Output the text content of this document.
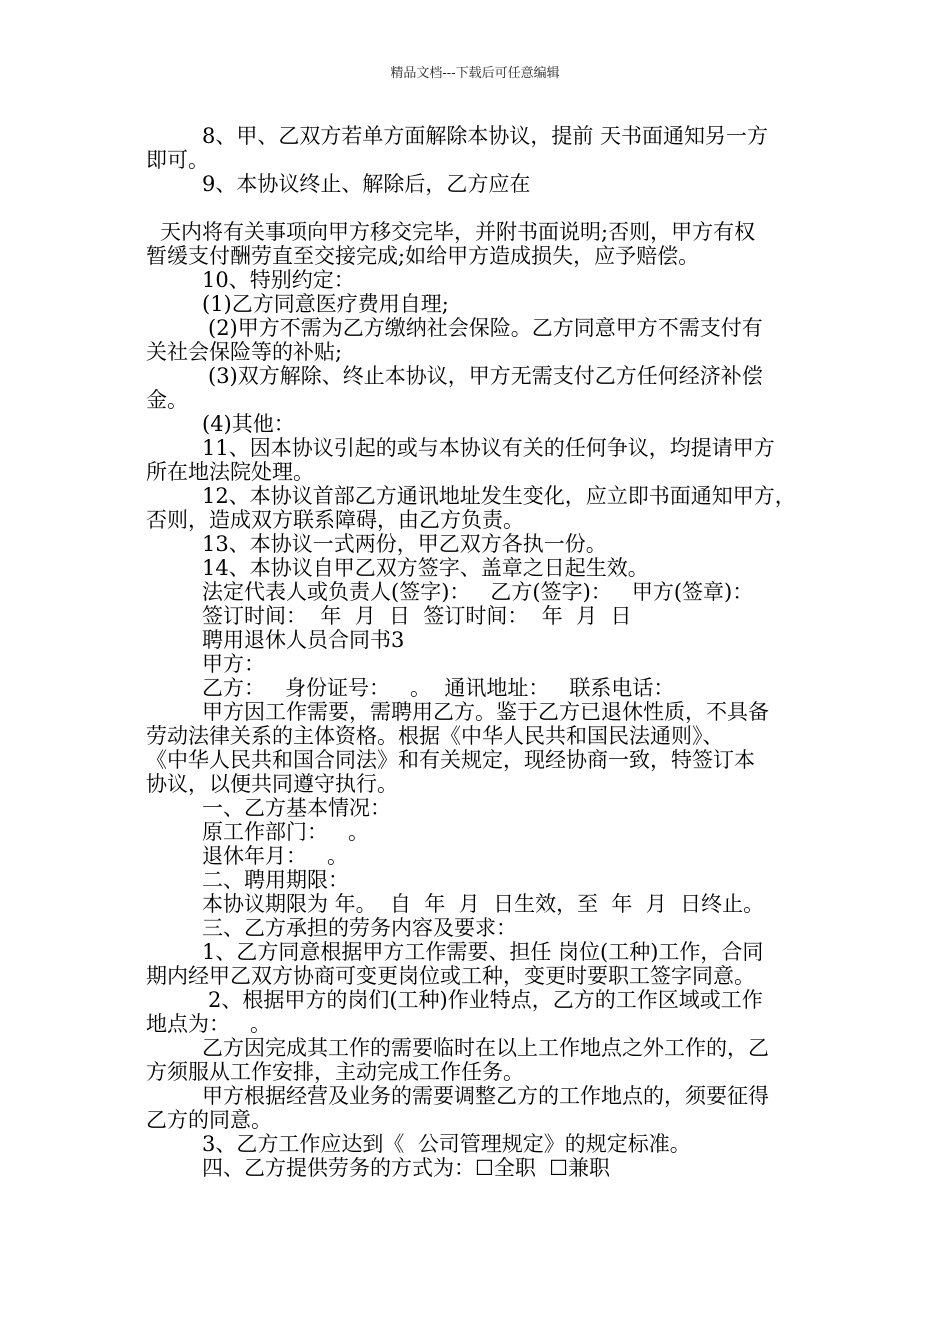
精品文档---下载后可任意编辑
8、甲、乙双方若单方面解除本协议，提前 天书面通知另一方
即可。
9、本协议终止、解除后，乙方应在
天内将有关事项向甲方移交完毕，并附书面说明;否则，甲方有权
暂缓支付酬劳直至交接完成;如给甲方造成损失，应予赔偿。
10、特别约定：
(1)乙方同意医疗费用自理;
(2)甲方不需为乙方缴纳社会保险。乙方同意甲方不需支付有
关社会保险等的补贴;
(3)双方解除、终止本协议，甲方无需支付乙方任何经济补偿
金。
(4)其他：
11、因本协议引起的或与本协议有关的任何争议，均提请甲方
所在地法院处理。
12、本协议首部乙方通讯地址发生变化，应立即书面通知甲方，
否则，造成双方联系障碍，由乙方负责。
13、本协议一式两份，甲乙双方各执一份。
14、本协议自甲乙双方签字、盖章之日起生效。
法定代表人或负责人(签字)：   乙方(签字)：   甲方(签章)：
签订时间：  年  月  日  签订时间：  年  月  日
聘用退休人员合同书3
甲方：
乙方：   身份证号：   。  通讯地址：   联系电话：
甲方因工作需要，需聘用乙方。鉴于乙方已退休性质，不具备
劳动法律关系的主体资格。根据《中华人民共和国民法通则》、
《中华人民共和国合同法》和有关规定，现经协商一致，特签订本
协议，以便共同遵守执行。
一、乙方基本情况：
原工作部门：   。
退休年月：   。
二、聘用期限：
本协议期限为 年。  自  年  月  日生效，至  年  月  日终止。
三、乙方承担的劳务内容及要求：
1、乙方同意根据甲方工作需要、担任 岗位(工种)工作，合同
期内经甲乙双方协商可变更岗位或工种，变更时要职工签字同意。
2、根据甲方的岗们(工种)作业特点，乙方的工作区域或工作
地点为：   。
乙方因完成其工作的需要临时在以上工作地点之外工作的，乙
方须服从工作安排，主动完成工作任务。
甲方根据经营及业务的需要调整乙方的工作地点的，须要征得
乙方的同意。
3、乙方工作应达到《  公司管理规定》的规定标准。
四、乙方提供劳务的方式为：☐全职  ☐兼职
